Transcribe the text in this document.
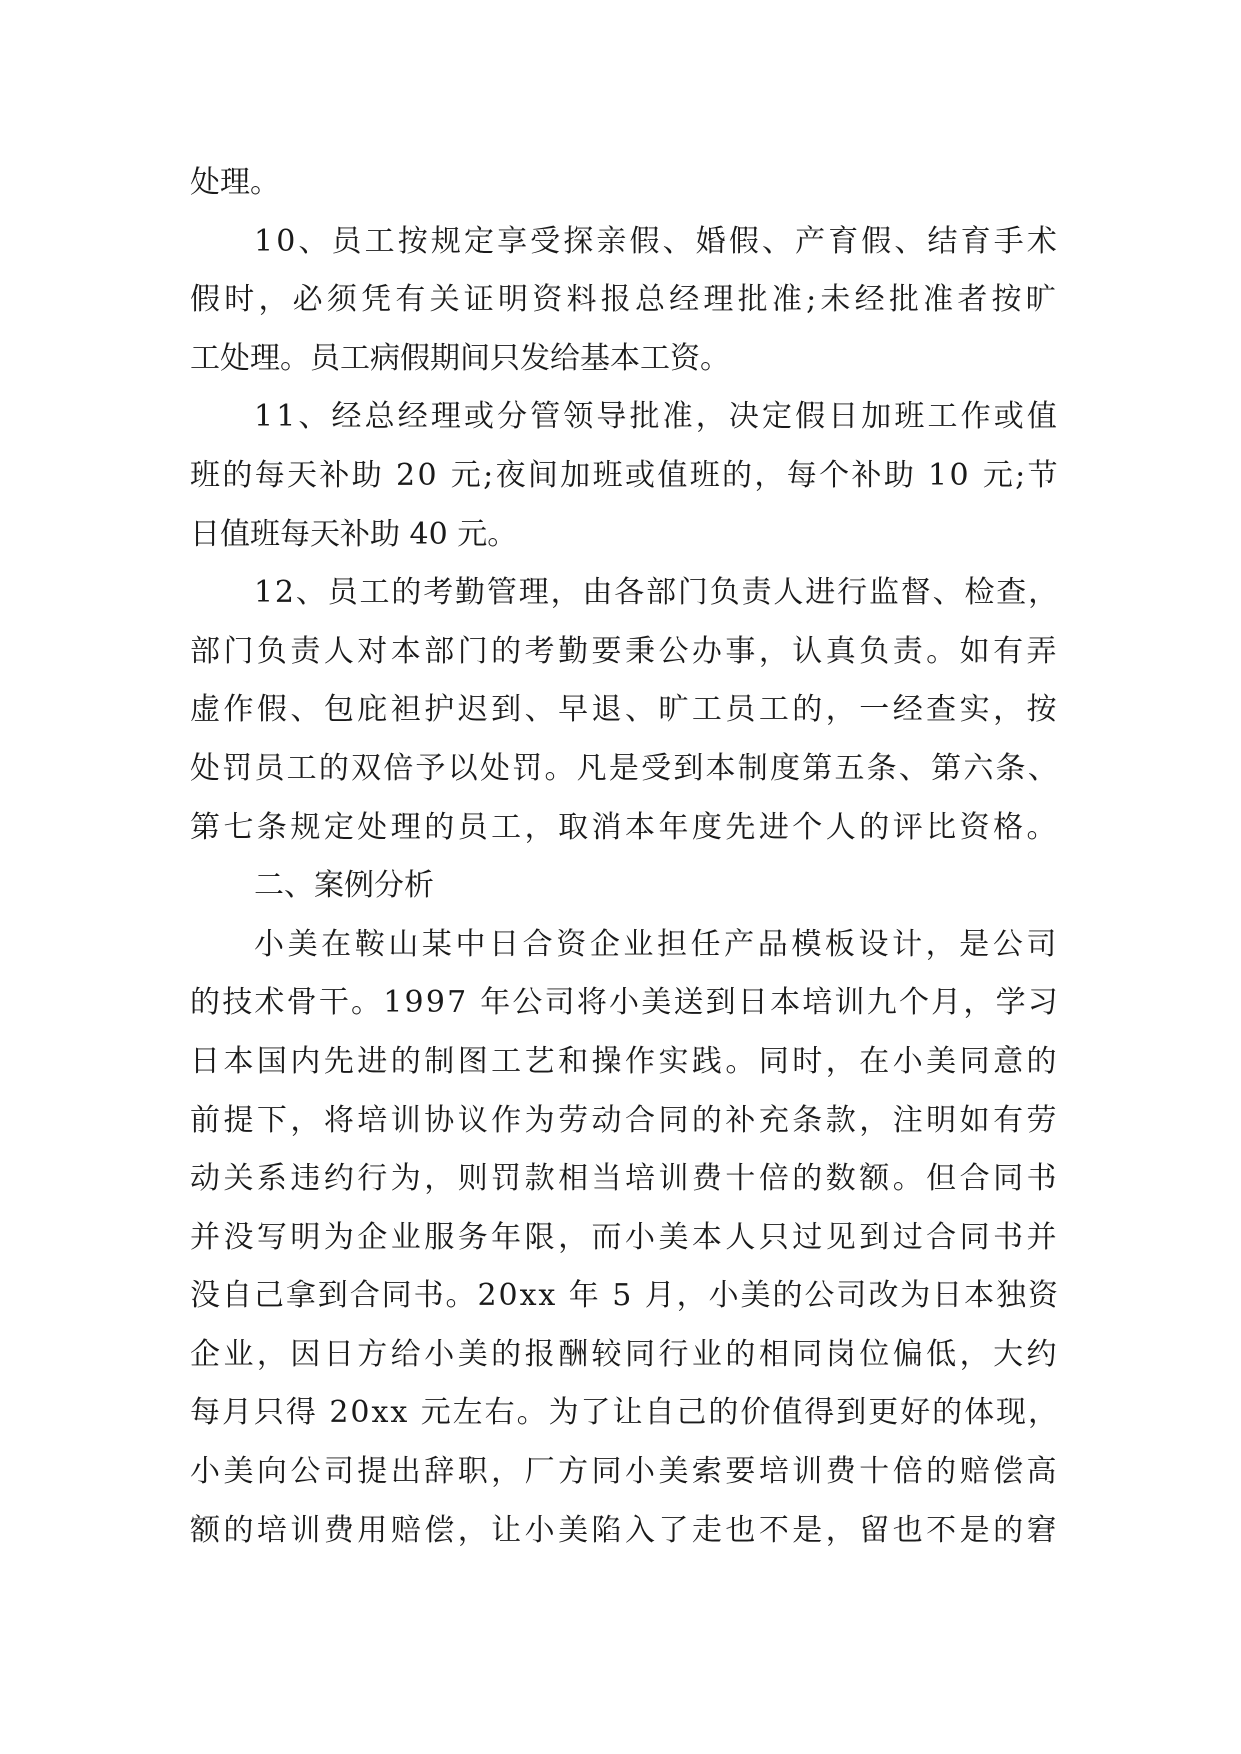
处理。
10、员工按规定享受探亲假、婚假、产育假、结育手术
假时，必须凭有关证明资料报总经理批准;未经批准者按旷
工处理。员工病假期间只发给基本工资。
11、经总经理或分管领导批准，决定假日加班工作或值
班的每天补助 20 元;夜间加班或值班的，每个补助 10 元;节
日值班每天补助 40 元。
12、员工的考勤管理，由各部门负责人进行监督、检查，
部门负责人对本部门的考勤要秉公办事，认真负责。如有弄
虚作假、包庇袒护迟到、早退、旷工员工的，一经查实，按
处罚员工的双倍予以处罚。凡是受到本制度第五条、第六条、
第七条规定处理的员工，取消本年度先进个人的评比资格。
二、案例分析
小美在鞍山某中日合资企业担任产品模板设计，是公司
的技术骨干。1997 年公司将小美送到日本培训九个月，学习
日本国内先进的制图工艺和操作实践。同时，在小美同意的
前提下，将培训协议作为劳动合同的补充条款，注明如有劳
动关系违约行为，则罚款相当培训费十倍的数额。但合同书
并没写明为企业服务年限，而小美本人只过见到过合同书并
没自己拿到合同书。20xx 年 5 月，小美的公司改为日本独资
企业，因日方给小美的报酬较同行业的相同岗位偏低，大约
每月只得 20xx 元左右。为了让自己的价值得到更好的体现，
小美向公司提出辞职，厂方同小美索要培训费十倍的赔偿高
额的培训费用赔偿，让小美陷入了走也不是，留也不是的窘
